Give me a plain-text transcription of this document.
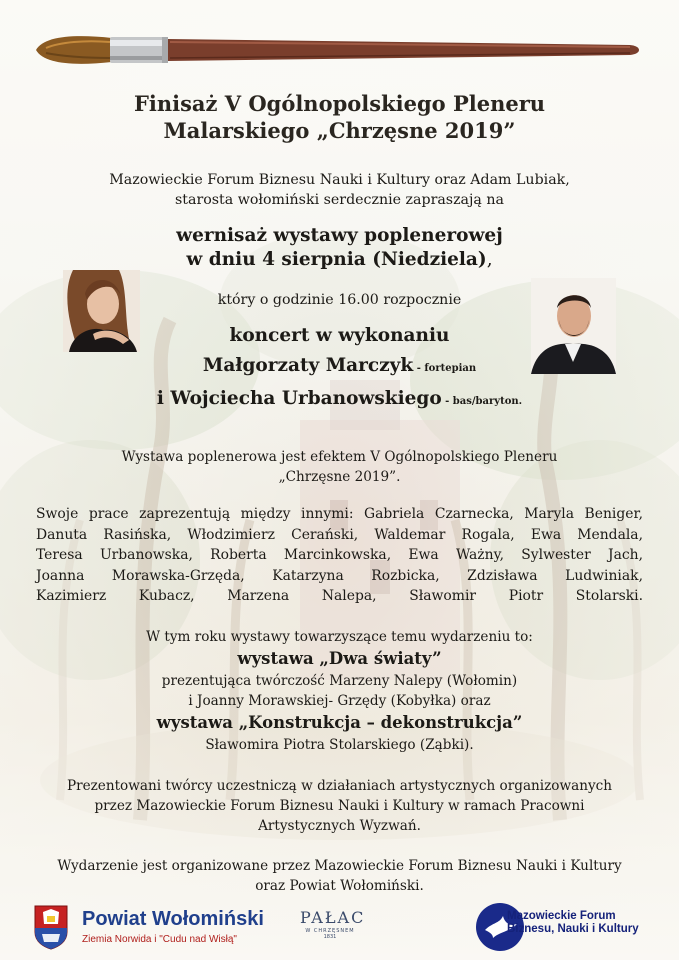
Finisaż V Ogólnopolskiego Pleneru
Malarskiego „Chrzęsne 2019”
Mazowieckie Forum Biznesu Nauki i Kultury oraz Adam Lubiak,
starosta wołomiński serdecznie zapraszają na
wernisaż wystawy poplenerowej
w dniu 4 sierpnia (Niedziela),
który o godzinie 16.00 rozpocznie
koncert w wykonaniu
Małgorzaty Marczyk - fortepian
i Wojciecha Urbanowskiego - bas/baryton.
Wystawa poplenerowa jest efektem V Ogólnopolskiego Pleneru
„Chrzęsne 2019”.
Swoje prace zaprezentują między innymi: Gabriela Czarnecka, Maryla Beniger,
Danuta Rasińska, Włodzimierz Cerański, Waldemar Rogala, Ewa Mendala,
Teresa Urbanowska, Roberta Marcinkowska, Ewa Ważny, Sylwester Jach,
Joanna Morawska-Grzęda, Katarzyna Rozbicka, Zdzisława Ludwiniak,
Kazimierz Kubacz, Marzena Nalepa, Sławomir Piotr Stolarski.
W tym roku wystawy towarzyszące temu wydarzeniu to:
wystawa „Dwa światy”
prezentująca twórczość Marzeny Nalepy (Wołomin)
i Joanny Morawskiej- Grzędy (Kobyłka) oraz
wystawa „Konstrukcja – dekonstrukcja”
Sławomira Piotra Stolarskiego (Ząbki).
Prezentowani twórcy uczestniczą w działaniach artystycznych organizowanych
przez Mazowieckie Forum Biznesu Nauki i Kultury w ramach Pracowni
Artystycznych Wyzwań.
Wydarzenie jest organizowane przez Mazowieckie Forum Biznesu Nauki i Kultury
oraz Powiat Wołomiński.
Powiat Wołomiński
Ziemia Norwida i "Cudu nad Wisłą"
PAŁAC
W CHRZĘSNEM
1831
Mazowieckie Forum
Biznesu, Nauki i Kultury
